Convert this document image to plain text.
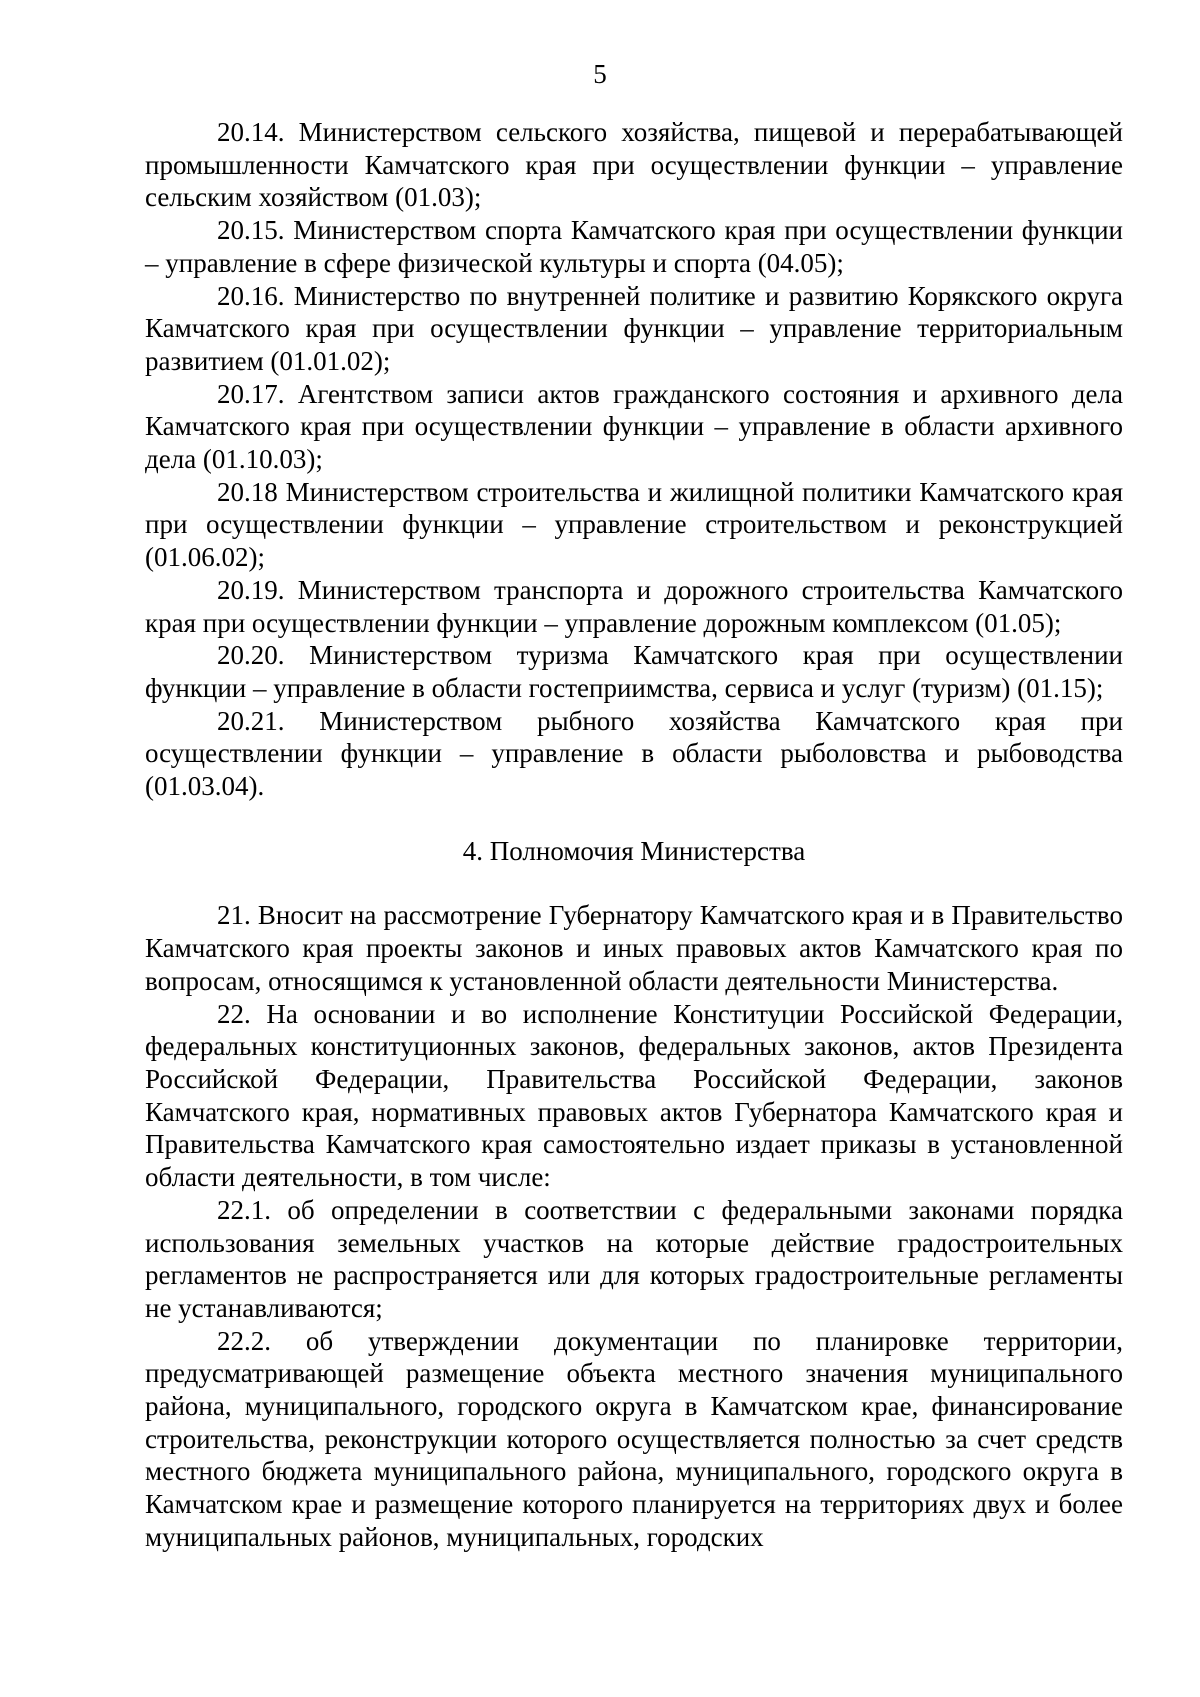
5

20.14. Министерством сельского хозяйства, пищевой и перерабатывающей промышленности Камчатского края при осуществлении функции – управление сельским хозяйством (01.03);

20.15. Министерством спорта Камчатского края при осуществлении функции – управление в сфере физической культуры и спорта (04.05);

20.16. Министерство по внутренней политике и развитию Корякского округа Камчатского края при осуществлении функции – управление территориальным развитием (01.01.02);

20.17. Агентством записи актов гражданского состояния и архивного дела Камчатского края при осуществлении функции – управление в области архивного дела (01.10.03);

20.18 Министерством строительства и жилищной политики Камчатского края при осуществлении функции – управление строительством и реконструкцией (01.06.02);

20.19. Министерством транспорта и дорожного строительства Камчатского края при осуществлении функции – управление дорожным комплексом (01.05);

20.20. Министерством туризма Камчатского края при осуществлении функции – управление в области гостеприимства, сервиса и услуг (туризм) (01.15);

20.21. Министерством рыбного хозяйства Камчатского края при осуществлении функции – управление в области рыболовства и рыбоводства (01.03.04).

4. Полномочия Министерства

21. Вносит на рассмотрение Губернатору Камчатского края и в Правительство Камчатского края проекты законов и иных правовых актов Камчатского края по вопросам, относящимся к установленной области деятельности Министерства.

22. На основании и во исполнение Конституции Российской Федерации, федеральных конституционных законов, федеральных законов, актов Президента Российской Федерации, Правительства Российской Федерации, законов Камчатского края, нормативных правовых актов Губернатора Камчатского края и Правительства Камчатского края самостоятельно издает приказы в установленной области деятельности, в том числе:

22.1. об определении в соответствии с федеральными законами порядка использования земельных участков на которые действие градостроительных регламентов не распространяется или для которых градостроительные регламенты не устанавливаются;

22.2. об утверждении документации по планировке территории, предусматривающей размещение объекта местного значения муниципального района, муниципального, городского округа в Камчатском крае, финансирование строительства, реконструкции которого осуществляется полностью за счет средств местного бюджета муниципального района, муниципального, городского округа в Камчатском крае и размещение которого планируется на территориях двух и более муниципальных районов, муниципальных, городских
